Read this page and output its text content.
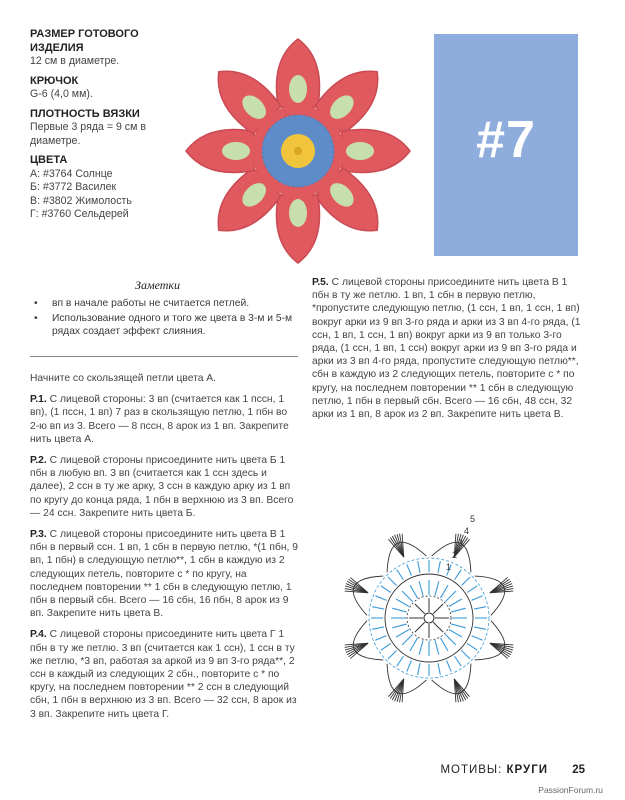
РАЗМЕР ГОТОВОГО ИЗДЕЛИЯ
12 см в диаметре.
КРЮЧОК
G-6 (4,0 мм).
ПЛОТНОСТЬ ВЯЗКИ
Первые 3 ряда = 9 см в диаметре.
ЦВЕТА
А: #3764 Солнце
Б: #3772 Василек
В: #3802 Жимолость
Г: #3760 Сельдерей
#7
Заметки
• вп в начале работы не считается петлей.
• Использование одного и того же цвета в 3-м и 5-м рядах создает эффект слияния.

Начните со скользящей петли цвета А.

Р.1. С лицевой стороны: 3 вп (считается как 1 пссн, 1 вп), (1 пссн, 1 вп) 7 раз в скользящую петлю, 1 пбн во 2-ю вп из 3. Всего — 8 пссн, 8 арок из 1 вп. Закрепите нить цвета А.

Р.2. С лицевой стороны присоедините нить цвета Б 1 пбн в любую вп. 3 вп (считается как 1 ссн здесь и далее), 2 ссн в ту же арку, 3 ссн в каждую арку из 1 вп по кругу до конца ряда, 1 пбн в верхнюю из 3 вп. Всего — 24 ссн. Закрепите нить цвета Б.

Р.3. С лицевой стороны присоедините нить цвета В 1 пбн в первый ссн. 1 вп, 1 сбн в первую петлю, *(1 пбн, 9 вп, 1 пбн) в следующую петлю**, 1 сбн в каждую из 2 следующих петель, повторите с * по кругу, на последнем повторении ** 1 сбн в следующую петлю, 1 пбн в первый сбн. Всего — 16 сбн, 16 пбн, 8 арок из 9 вп. Закрепите нить цвета В.

Р.4. С лицевой стороны присоедините нить цвета Г 1 пбн в ту же петлю. 3 вп (считается как 1 ссн), 1 ссн в ту же петлю, *3 вп, работая за аркой из 9 вп 3-го ряда**, 2 ссн в каждый из следующих 2 сбн., повторите с * по кругу, на последнем повторении ** 2 ссн в следующий сбн, 1 пбн в верхнюю из 3 вп. Всего — 32 ссн, 8 арок из 3 вп. Закрепите нить цвета Г.

Р.5. С лицевой стороны присоедините нить цвета В 1 пбн в ту же петлю. 1 вп, 1 сбн в первую петлю, *пропустите следующую петлю, (1 ссн, 1 вп, 1 ссн, 1 вп) вокруг арки из 9 вп 3-го ряда и арки из 3 вп 4-го ряда, (1 ссн, 1 вп, 1 ссн, 1 вп) вокруг арки из 9 вп только 3-го ряда, (1 ссн, 1 вп, 1 ссн) вокруг арки из 9 вп 3-го ряда и арки из 3 вп 4-го ряда, пропустите следующую петлю**, сбн в каждую из 2 следующих петель, повторите с * по кругу, на последнем повторении ** 1 сбн в следующую петлю, 1 пбн в первый сбн. Всего — 16 сбн, 48 ссн, 32 арки из 1 вп, 8 арок из 2 вп. Закрепите нить цвета В.

5
4
3
2
1
МОТИВЫ: КРУГИ 25
PassionForum.ru
